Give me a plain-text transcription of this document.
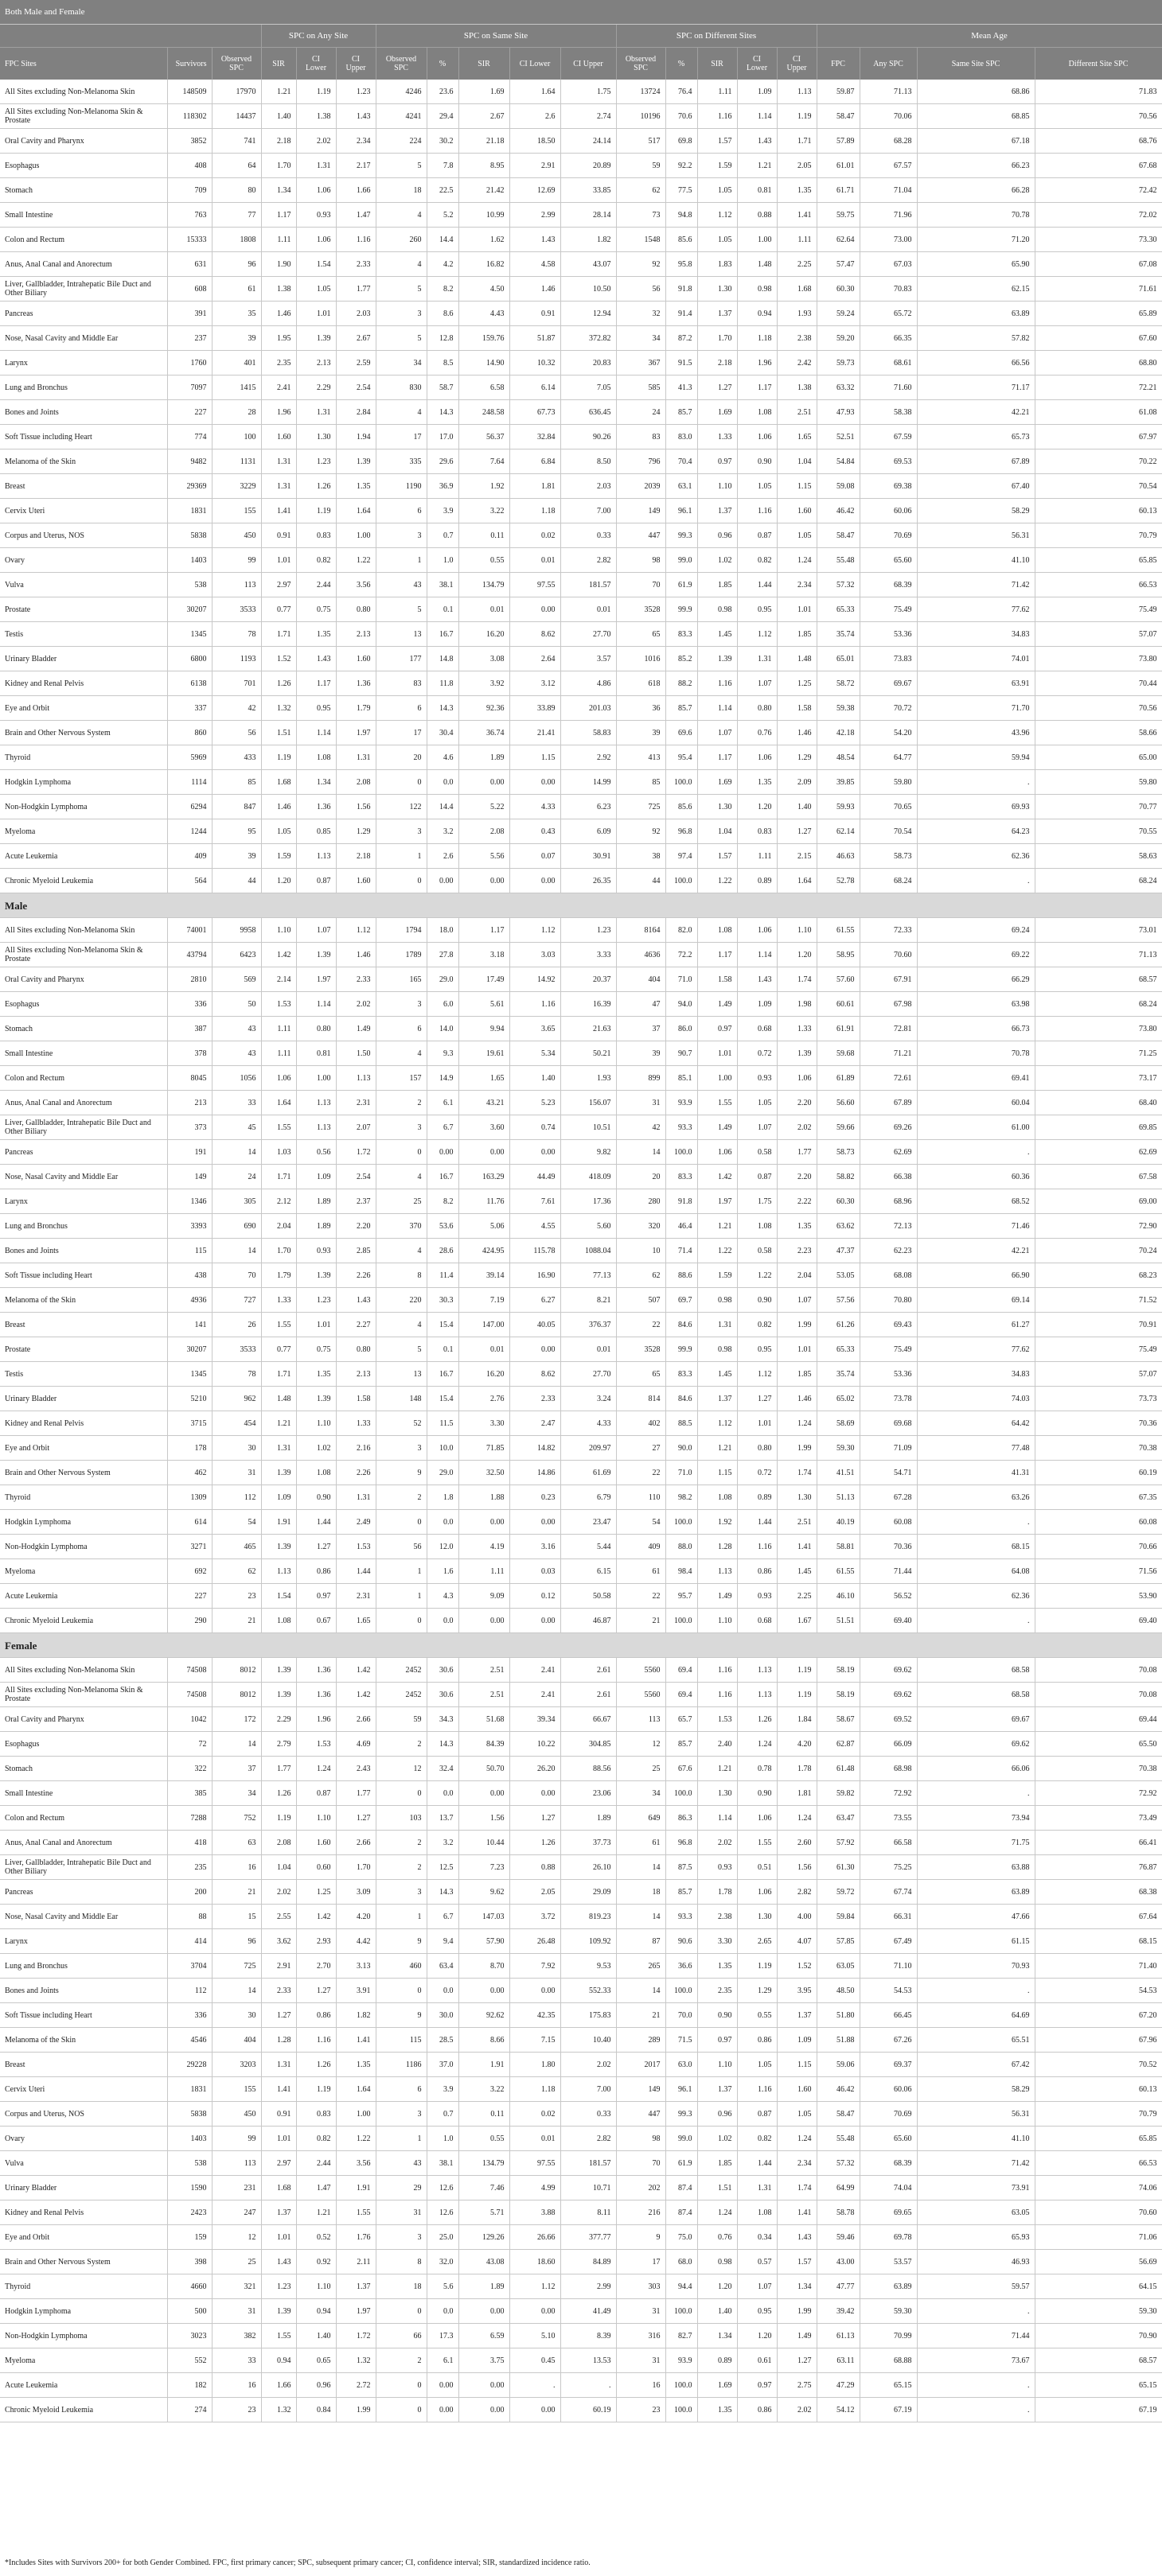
Both Male and Female																			
			SPC on Any Site			SPC on Same Site					SPC on Different Sites					Mean Age			
FPC Sites	Survivors	Observed SPC	SIR	CI Lower	CI Upper	Observed SPC	%	SIR	CI Lower	CI Upper	Observed SPC	%	SIR	CI Lower	CI Upper	FPC	Any SPC	Same Site SPC	Different Site SPC
All Sites excluding Non-Melanoma Skin	148509	17970	1.21	1.19	1.23	4246	23.6	1.69	1.64	1.75	13724	76.4	1.11	1.09	1.13	59.87	71.13	68.86	71.83
All Sites excluding Non-Melanoma Skin & Prostate	118302	14437	1.40	1.38	1.43	4241	29.4	2.67	2.6	2.74	10196	70.6	1.16	1.14	1.19	58.47	70.06	68.85	70.56
Oral Cavity and Pharynx	3852	741	2.18	2.02	2.34	224	30.2	21.18	18.50	24.14	517	69.8	1.57	1.43	1.71	57.89	68.28	67.18	68.76
Esophagus	408	64	1.70	1.31	2.17	5	7.8	8.95	2.91	20.89	59	92.2	1.59	1.21	2.05	61.01	67.57	66.23	67.68
Stomach	709	80	1.34	1.06	1.66	18	22.5	21.42	12.69	33.85	62	77.5	1.05	0.81	1.35	61.71	71.04	66.28	72.42
Small Intestine	763	77	1.17	0.93	1.47	4	5.2	10.99	2.99	28.14	73	94.8	1.12	0.88	1.41	59.75	71.96	70.78	72.02
Colon and Rectum	15333	1808	1.11	1.06	1.16	260	14.4	1.62	1.43	1.82	1548	85.6	1.05	1.00	1.11	62.64	73.00	71.20	73.30
Anus, Anal Canal and Anorectum	631	96	1.90	1.54	2.33	4	4.2	16.82	4.58	43.07	92	95.8	1.83	1.48	2.25	57.47	67.03	65.90	67.08
Liver, Gallbladder, Intrahepatic Bile Duct and Other Biliary	608	61	1.38	1.05	1.77	5	8.2	4.50	1.46	10.50	56	91.8	1.30	0.98	1.68	60.30	70.83	62.15	71.61
Pancreas	391	35	1.46	1.01	2.03	3	8.6	4.43	0.91	12.94	32	91.4	1.37	0.94	1.93	59.24	65.72	63.89	65.89
Nose, Nasal Cavity and Middle Ear	237	39	1.95	1.39	2.67	5	12.8	159.76	51.87	372.82	34	87.2	1.70	1.18	2.38	59.20	66.35	57.82	67.60
Larynx	1760	401	2.35	2.13	2.59	34	8.5	14.90	10.32	20.83	367	91.5	2.18	1.96	2.42	59.73	68.61	66.56	68.80
Lung and Bronchus	7097	1415	2.41	2.29	2.54	830	58.7	6.58	6.14	7.05	585	41.3	1.27	1.17	1.38	63.32	71.60	71.17	72.21
Bones and Joints	227	28	1.96	1.31	2.84	4	14.3	248.58	67.73	636.45	24	85.7	1.69	1.08	2.51	47.93	58.38	42.21	61.08
Soft Tissue including Heart	774	100	1.60	1.30	1.94	17	17.0	56.37	32.84	90.26	83	83.0	1.33	1.06	1.65	52.51	67.59	65.73	67.97
Melanoma of the Skin	9482	1131	1.31	1.23	1.39	335	29.6	7.64	6.84	8.50	796	70.4	0.97	0.90	1.04	54.84	69.53	67.89	70.22
Breast	29369	3229	1.31	1.26	1.35	1190	36.9	1.92	1.81	2.03	2039	63.1	1.10	1.05	1.15	59.08	69.38	67.40	70.54
Cervix Uteri	1831	155	1.41	1.19	1.64	6	3.9	3.22	1.18	7.00	149	96.1	1.37	1.16	1.60	46.42	60.06	58.29	60.13
Corpus and Uterus, NOS	5838	450	0.91	0.83	1.00	3	0.7	0.11	0.02	0.33	447	99.3	0.96	0.87	1.05	58.47	70.69	56.31	70.79
Ovary	1403	99	1.01	0.82	1.22	1	1.0	0.55	0.01	2.82	98	99.0	1.02	0.82	1.24	55.48	65.60	41.10	65.85
Vulva	538	113	2.97	2.44	3.56	43	38.1	134.79	97.55	181.57	70	61.9	1.85	1.44	2.34	57.32	68.39	71.42	66.53
Prostate	30207	3533	0.77	0.75	0.80	5	0.1	0.01	0.00	0.01	3528	99.9	0.98	0.95	1.01	65.33	75.49	77.62	75.49
Testis	1345	78	1.71	1.35	2.13	13	16.7	16.20	8.62	27.70	65	83.3	1.45	1.12	1.85	35.74	53.36	34.83	57.07
Urinary Bladder	6800	1193	1.52	1.43	1.60	177	14.8	3.08	2.64	3.57	1016	85.2	1.39	1.31	1.48	65.01	73.83	74.01	73.80
Kidney and Renal Pelvis	6138	701	1.26	1.17	1.36	83	11.8	3.92	3.12	4.86	618	88.2	1.16	1.07	1.25	58.72	69.67	63.91	70.44
Eye and Orbit	337	42	1.32	0.95	1.79	6	14.3	92.36	33.89	201.03	36	85.7	1.14	0.80	1.58	59.38	70.72	71.70	70.56
Brain and Other Nervous System	860	56	1.51	1.14	1.97	17	30.4	36.74	21.41	58.83	39	69.6	1.07	0.76	1.46	42.18	54.20	43.96	58.66
Thyroid	5969	433	1.19	1.08	1.31	20	4.6	1.89	1.15	2.92	413	95.4	1.17	1.06	1.29	48.54	64.77	59.94	65.00
Hodgkin Lymphoma	1114	85	1.68	1.34	2.08	0	0.0	0.00	0.00	14.99	85	100.0	1.69	1.35	2.09	39.85	59.80	.	59.80
Non-Hodgkin Lymphoma	6294	847	1.46	1.36	1.56	122	14.4	5.22	4.33	6.23	725	85.6	1.30	1.20	1.40	59.93	70.65	69.93	70.77
Myeloma	1244	95	1.05	0.85	1.29	3	3.2	2.08	0.43	6.09	92	96.8	1.04	0.83	1.27	62.14	70.54	64.23	70.55
Acute Leukemia	409	39	1.59	1.13	2.18	1	2.6	5.56	0.07	30.91	38	97.4	1.57	1.11	2.15	46.63	58.73	62.36	58.63
Chronic Myeloid Leukemia	564	44	1.20	0.87	1.60	0	0.00	0.00	0.00	26.35	44	100.0	1.22	0.89	1.64	52.78	68.24	.	68.24
Male																			
All Sites excluding Non-Melanoma Skin	74001	9958	1.10	1.07	1.12	1794	18.0	1.17	1.12	1.23	8164	82.0	1.08	1.06	1.10	61.55	72.33	69.24	73.01
All Sites excluding Non-Melanoma Skin & Prostate	43794	6423	1.42	1.39	1.46	1789	27.8	3.18	3.03	3.33	4636	72.2	1.17	1.14	1.20	58.95	70.60	69.22	71.13
Oral Cavity and Pharynx	2810	569	2.14	1.97	2.33	165	29.0	17.49	14.92	20.37	404	71.0	1.58	1.43	1.74	57.60	67.91	66.29	68.57
Esophagus	336	50	1.53	1.14	2.02	3	6.0	5.61	1.16	16.39	47	94.0	1.49	1.09	1.98	60.61	67.98	63.98	68.24
Stomach	387	43	1.11	0.80	1.49	6	14.0	9.94	3.65	21.63	37	86.0	0.97	0.68	1.33	61.91	72.81	66.73	73.80
Small Intestine	378	43	1.11	0.81	1.50	4	9.3	19.61	5.34	50.21	39	90.7	1.01	0.72	1.39	59.68	71.21	70.78	71.25
Colon and Rectum	8045	1056	1.06	1.00	1.13	157	14.9	1.65	1.40	1.93	899	85.1	1.00	0.93	1.06	61.89	72.61	69.41	73.17
Anus, Anal Canal and Anorectum	213	33	1.64	1.13	2.31	2	6.1	43.21	5.23	156.07	31	93.9	1.55	1.05	2.20	56.60	67.89	60.04	68.40
Liver, Gallbladder, Intrahepatic Bile Duct and Other Biliary	373	45	1.55	1.13	2.07	3	6.7	3.60	0.74	10.51	42	93.3	1.49	1.07	2.02	59.66	69.26	61.00	69.85
Pancreas	191	14	1.03	0.56	1.72	0	0.00	0.00	0.00	9.82	14	100.0	1.06	0.58	1.77	58.73	62.69	.	62.69
Nose, Nasal Cavity and Middle Ear	149	24	1.71	1.09	2.54	4	16.7	163.29	44.49	418.09	20	83.3	1.42	0.87	2.20	58.82	66.38	60.36	67.58
Larynx	1346	305	2.12	1.89	2.37	25	8.2	11.76	7.61	17.36	280	91.8	1.97	1.75	2.22	60.30	68.96	68.52	69.00
Lung and Bronchus	3393	690	2.04	1.89	2.20	370	53.6	5.06	4.55	5.60	320	46.4	1.21	1.08	1.35	63.62	72.13	71.46	72.90
Bones and Joints	115	14	1.70	0.93	2.85	4	28.6	424.95	115.78	1088.04	10	71.4	1.22	0.58	2.23	47.37	62.23	42.21	70.24
Soft Tissue including Heart	438	70	1.79	1.39	2.26	8	11.4	39.14	16.90	77.13	62	88.6	1.59	1.22	2.04	53.05	68.08	66.90	68.23
Melanoma of the Skin	4936	727	1.33	1.23	1.43	220	30.3	7.19	6.27	8.21	507	69.7	0.98	0.90	1.07	57.56	70.80	69.14	71.52
Breast	141	26	1.55	1.01	2.27	4	15.4	147.00	40.05	376.37	22	84.6	1.31	0.82	1.99	61.26	69.43	61.27	70.91
Prostate	30207	3533	0.77	0.75	0.80	5	0.1	0.01	0.00	0.01	3528	99.9	0.98	0.95	1.01	65.33	75.49	77.62	75.49
Testis	1345	78	1.71	1.35	2.13	13	16.7	16.20	8.62	27.70	65	83.3	1.45	1.12	1.85	35.74	53.36	34.83	57.07
Urinary Bladder	5210	962	1.48	1.39	1.58	148	15.4	2.76	2.33	3.24	814	84.6	1.37	1.27	1.46	65.02	73.78	74.03	73.73
Kidney and Renal Pelvis	3715	454	1.21	1.10	1.33	52	11.5	3.30	2.47	4.33	402	88.5	1.12	1.01	1.24	58.69	69.68	64.42	70.36
Eye and Orbit	178	30	1.31	1.02	2.16	3	10.0	71.85	14.82	209.97	27	90.0	1.21	0.80	1.99	59.30	71.09	77.48	70.38
Brain and Other Nervous System	462	31	1.39	1.08	2.26	9	29.0	32.50	14.86	61.69	22	71.0	1.15	0.72	1.74	41.51	54.71	41.31	60.19
Thyroid	1309	112	1.09	0.90	1.31	2	1.8	1.88	0.23	6.79	110	98.2	1.08	0.89	1.30	51.13	67.28	63.26	67.35
Hodgkin Lymphoma	614	54	1.91	1.44	2.49	0	0.0	0.00	0.00	23.47	54	100.0	1.92	1.44	2.51	40.19	60.08	.	60.08
Non-Hodgkin Lymphoma	3271	465	1.39	1.27	1.53	56	12.0	4.19	3.16	5.44	409	88.0	1.28	1.16	1.41	58.81	70.36	68.15	70.66
Myeloma	692	62	1.13	0.86	1.44	1	1.6	1.11	0.03	6.15	61	98.4	1.13	0.86	1.45	61.55	71.44	64.08	71.56
Acute Leukemia	227	23	1.54	0.97	2.31	1	4.3	9.09	0.12	50.58	22	95.7	1.49	0.93	2.25	46.10	56.52	62.36	53.90
Chronic Myeloid Leukemia	290	21	1.08	0.67	1.65	0	0.0	0.00	0.00	46.87	21	100.0	1.10	0.68	1.67	51.51	69.40	.	69.40
Female																			
All Sites excluding Non-Melanoma Skin	74508	8012	1.39	1.36	1.42	2452	30.6	2.51	2.41	2.61	5560	69.4	1.16	1.13	1.19	58.19	69.62	68.58	70.08
All Sites excluding Non-Melanoma Skin & Prostate	74508	8012	1.39	1.36	1.42	2452	30.6	2.51	2.41	2.61	5560	69.4	1.16	1.13	1.19	58.19	69.62	68.58	70.08
Oral Cavity and Pharynx	1042	172	2.29	1.96	2.66	59	34.3	51.68	39.34	66.67	113	65.7	1.53	1.26	1.84	58.67	69.52	69.67	69.44
Esophagus	72	14	2.79	1.53	4.69	2	14.3	84.39	10.22	304.85	12	85.7	2.40	1.24	4.20	62.87	66.09	69.62	65.50
Stomach	322	37	1.77	1.24	2.43	12	32.4	50.70	26.20	88.56	25	67.6	1.21	0.78	1.78	61.48	68.98	66.06	70.38
Small Intestine	385	34	1.26	0.87	1.77	0	0.0	0.00	0.00	23.06	34	100.0	1.30	0.90	1.81	59.82	72.92	.	72.92
Colon and Rectum	7288	752	1.19	1.10	1.27	103	13.7	1.56	1.27	1.89	649	86.3	1.14	1.06	1.24	63.47	73.55	73.94	73.49
Anus, Anal Canal and Anorectum	418	63	2.08	1.60	2.66	2	3.2	10.44	1.26	37.73	61	96.8	2.02	1.55	2.60	57.92	66.58	71.75	66.41
Liver, Gallbladder, Intrahepatic Bile Duct and Other Biliary	235	16	1.04	0.60	1.70	2	12.5	7.23	0.88	26.10	14	87.5	0.93	0.51	1.56	61.30	75.25	63.88	76.87
Pancreas	200	21	2.02	1.25	3.09	3	14.3	9.62	2.05	29.09	18	85.7	1.78	1.06	2.82	59.72	67.74	63.89	68.38
Nose, Nasal Cavity and Middle Ear	88	15	2.55	1.42	4.20	1	6.7	147.03	3.72	819.23	14	93.3	2.38	1.30	4.00	59.84	66.31	47.66	67.64
Larynx	414	96	3.62	2.93	4.42	9	9.4	57.90	26.48	109.92	87	90.6	3.30	2.65	4.07	57.85	67.49	61.15	68.15
Lung and Bronchus	3704	725	2.91	2.70	3.13	460	63.4	8.70	7.92	9.53	265	36.6	1.35	1.19	1.52	63.05	71.10	70.93	71.40
Bones and Joints	112	14	2.33	1.27	3.91	0	0.0	0.00	0.00	552.33	14	100.0	2.35	1.29	3.95	48.50	54.53	.	54.53
Soft Tissue including Heart	336	30	1.27	0.86	1.82	9	30.0	92.62	42.35	175.83	21	70.0	0.90	0.55	1.37	51.80	66.45	64.69	67.20
Melanoma of the Skin	4546	404	1.28	1.16	1.41	115	28.5	8.66	7.15	10.40	289	71.5	0.97	0.86	1.09	51.88	67.26	65.51	67.96
Breast	29228	3203	1.31	1.26	1.35	1186	37.0	1.91	1.80	2.02	2017	63.0	1.10	1.05	1.15	59.06	69.37	67.42	70.52
Cervix Uteri	1831	155	1.41	1.19	1.64	6	3.9	3.22	1.18	7.00	149	96.1	1.37	1.16	1.60	46.42	60.06	58.29	60.13
Corpus and Uterus, NOS	5838	450	0.91	0.83	1.00	3	0.7	0.11	0.02	0.33	447	99.3	0.96	0.87	1.05	58.47	70.69	56.31	70.79
Ovary	1403	99	1.01	0.82	1.22	1	1.0	0.55	0.01	2.82	98	99.0	1.02	0.82	1.24	55.48	65.60	41.10	65.85
Vulva	538	113	2.97	2.44	3.56	43	38.1	134.79	97.55	181.57	70	61.9	1.85	1.44	2.34	57.32	68.39	71.42	66.53
Urinary Bladder	1590	231	1.68	1.47	1.91	29	12.6	7.46	4.99	10.71	202	87.4	1.51	1.31	1.74	64.99	74.04	73.91	74.06
Kidney and Renal Pelvis	2423	247	1.37	1.21	1.55	31	12.6	5.71	3.88	8.11	216	87.4	1.24	1.08	1.41	58.78	69.65	63.05	70.60
Eye and Orbit	159	12	1.01	0.52	1.76	3	25.0	129.26	26.66	377.77	9	75.0	0.76	0.34	1.43	59.46	69.78	65.93	71.06
Brain and Other Nervous System	398	25	1.43	0.92	2.11	8	32.0	43.08	18.60	84.89	17	68.0	0.98	0.57	1.57	43.00	53.57	46.93	56.69
Thyroid	4660	321	1.23	1.10	1.37	18	5.6	1.89	1.12	2.99	303	94.4	1.20	1.07	1.34	47.77	63.89	59.57	64.15
Hodgkin Lymphoma	500	31	1.39	0.94	1.97	0	0.0	0.00	0.00	41.49	31	100.0	1.40	0.95	1.99	39.42	59.30	.	59.30
Non-Hodgkin Lymphoma	3023	382	1.55	1.40	1.72	66	17.3	6.59	5.10	8.39	316	82.7	1.34	1.20	1.49	61.13	70.99	71.44	70.90
Myeloma	552	33	0.94	0.65	1.32	2	6.1	3.75	0.45	13.53	31	93.9	0.89	0.61	1.27	63.11	68.88	73.67	68.57
Acute Leukemia	182	16	1.66	0.96	2.72	0	0.00	0.00	.	.	16	100.0	1.69	0.97	2.75	47.29	65.15	.	65.15
Chronic Myeloid Leukemia	274	23	1.32	0.84	1.99	0	0.00	0.00	0.00	60.19	23	100.0	1.35	0.86	2.02	54.12	67.19	.	67.19
*Includes Sites with Survivors 200+ for both Gender Combined. FPC, first primary cancer; SPC, subsequent primary cancer; CI, confidence interval; SIR, standardized incidence ratio.
